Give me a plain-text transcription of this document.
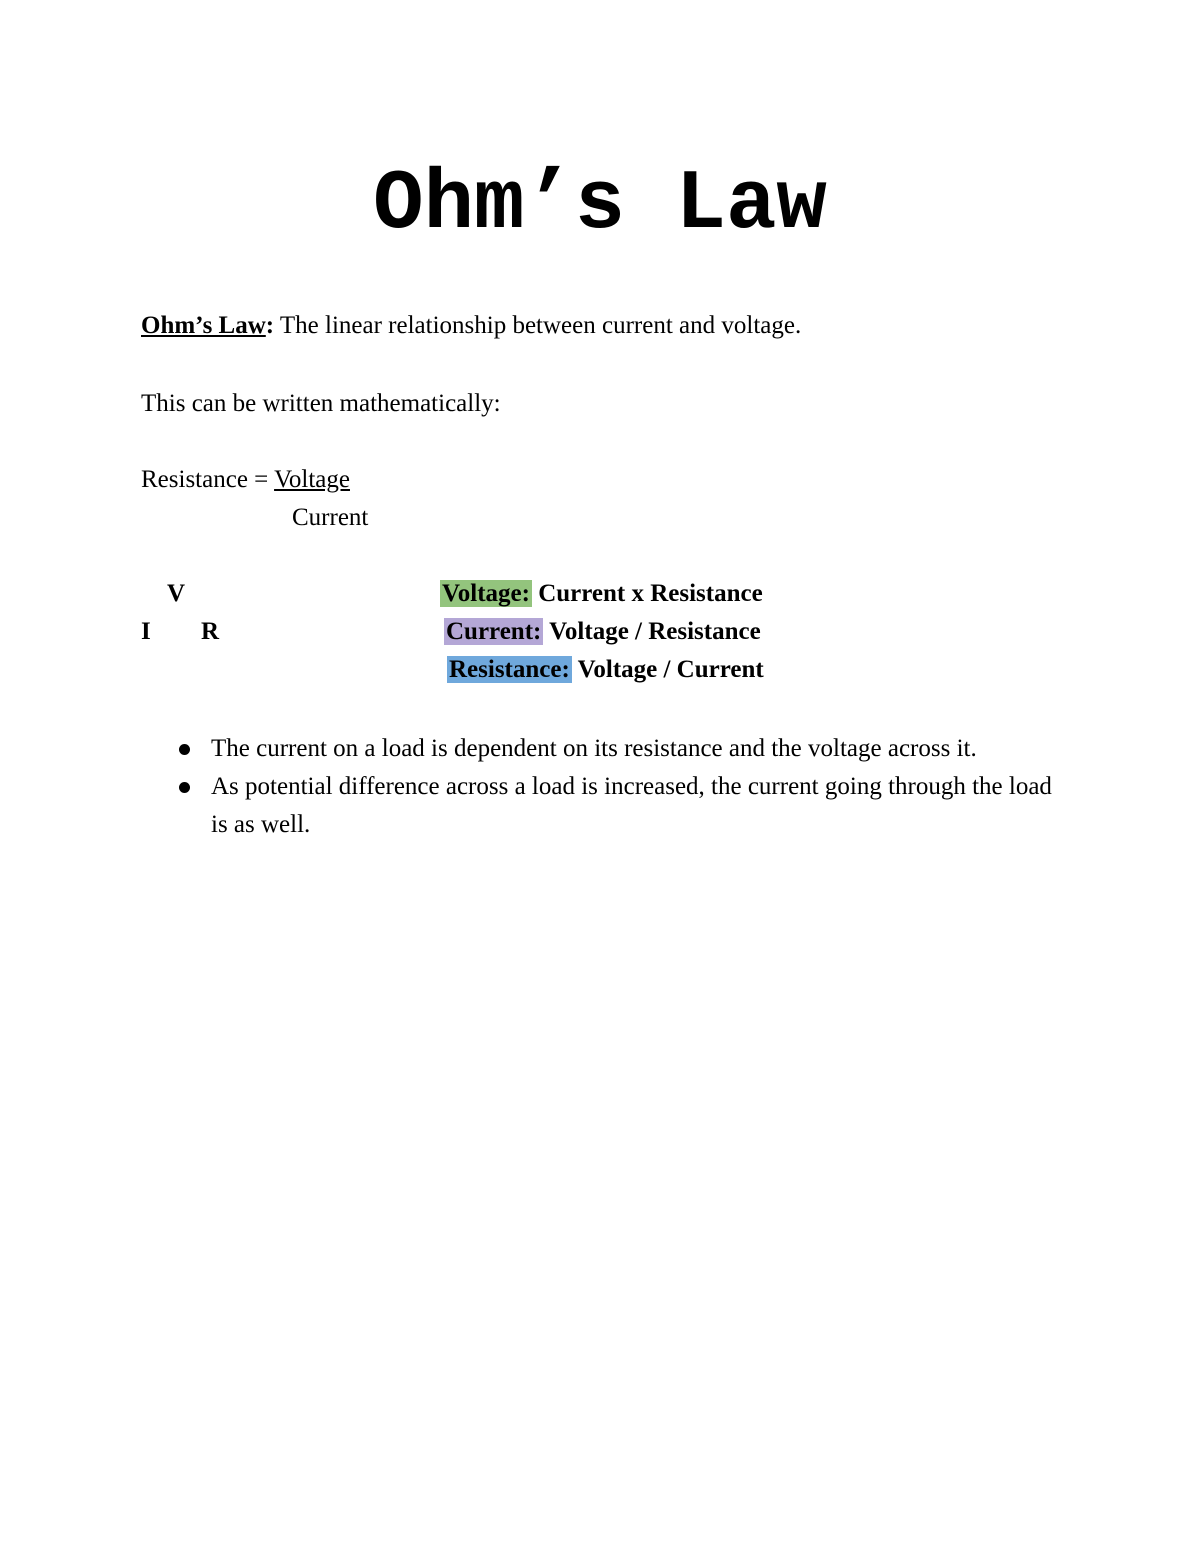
Ohm’s Law

Ohm’s Law: The linear relationship between current and voltage.

This can be written mathematically:

Resistance = Voltage

Current

V
I R
Voltage: Current x Resistance
Current: Voltage / Resistance
Resistance: Voltage / Current
The current on a load is dependent on its resistance and the voltage across it.
As potential difference across a load is increased, the current going through the load is as well.
